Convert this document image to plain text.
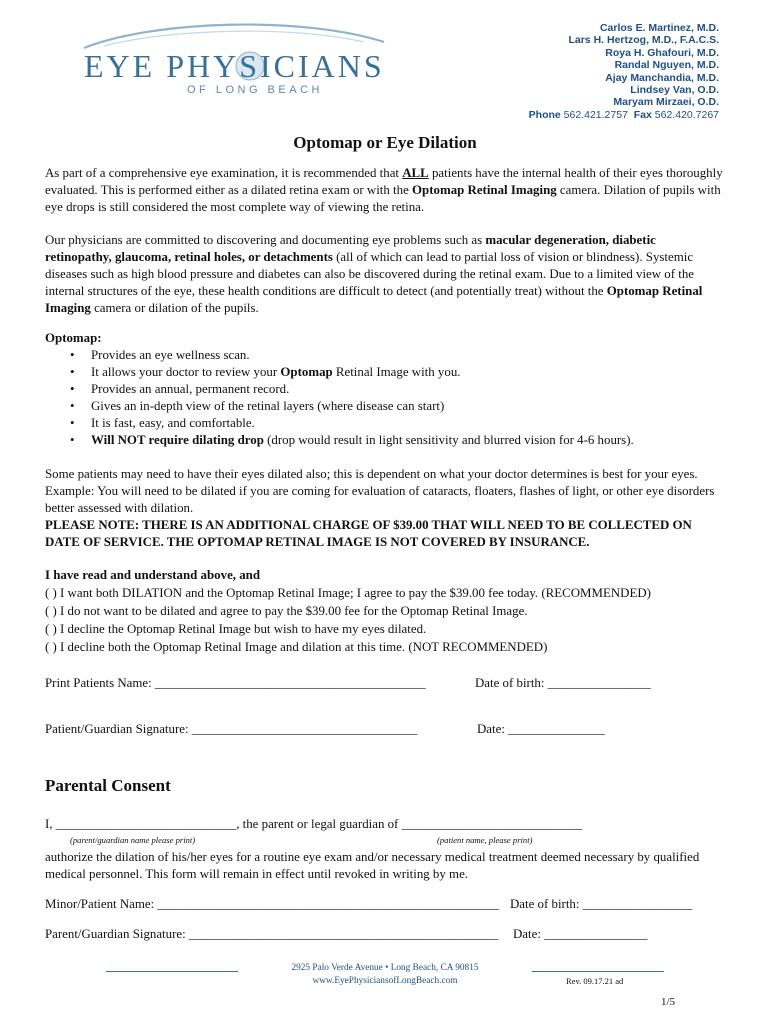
EYE PHYSICIANS
OF LONG BEACH
Carlos E. Martinez, M.D.
Lars H. Hertzog, M.D., F.A.C.S.
Roya H. Ghafouri, M.D.
Randal Nguyen, M.D.
Ajay Manchandia, M.D.
Lindsey Van, O.D.
Maryam Mirzaei, O.D.
Phone 562.421.2757 Fax 562.420.7267
Optomap or Eye Dilation

As part of a comprehensive eye examination, it is recommended that ALL patients have the internal health of their eyes thoroughly evaluated. This is performed either as a dilated retina exam or with the Optomap Retinal Imaging camera. Dilation of pupils with eye drops is still considered the most complete way of viewing the retina.

Our physicians are committed to discovering and documenting eye problems such as macular degeneration, diabetic retinopathy, glaucoma, retinal holes, or detachments (all of which can lead to partial loss of vision or blindness). Systemic diseases such as high blood pressure and diabetes can also be discovered during the retinal exam. Due to a limited view of the internal structures of the eye, these health conditions are difficult to detect (and potentially treat) without the Optomap Retinal Imaging camera or dilation of the pupils.

Optomap:
• Provides an eye wellness scan.
• It allows your doctor to review your Optomap Retinal Image with you.
• Provides an annual, permanent record.
• Gives an in-depth view of the retinal layers (where disease can start)
• It is fast, easy, and comfortable.
• Will NOT require dilating drop (drop would result in light sensitivity and blurred vision for 4-6 hours).

Some patients may need to have their eyes dilated also; this is dependent on what your doctor determines is best for your eyes. Example: You will need to be dilated if you are coming for evaluation of cataracts, floaters, flashes of light, or other eye disorders better assessed with dilation.

PLEASE NOTE: THERE IS AN ADDITIONAL CHARGE OF $39.00 THAT WILL NEED TO BE COLLECTED ON DATE OF SERVICE. THE OPTOMAP RETINAL IMAGE IS NOT COVERED BY INSURANCE.

I have read and understand above, and
( ) I want both DILATION and the Optomap Retinal Image; I agree to pay the $39.00 fee today. (RECOMMENDED)
( ) I do not want to be dilated and agree to pay the $39.00 fee for the Optomap Retinal Image.
( ) I decline the Optomap Retinal Image but wish to have my eyes dilated.
( ) I decline both the Optomap Retinal Image and dilation at this time. (NOT RECOMMENDED)
Print Patients Name: __________________________________________	Date of birth: ________________
Patient/Guardian Signature: ___________________________________	Date: _______________
Parental Consent
I, ____________________________, the parent or legal guardian of ____________________________
(parent/guardian name please print)	(patient name, please print)
authorize the dilation of his/her eyes for a routine eye exam and/or necessary medical treatment deemed necessary by qualified medical personnel. This form will remain in effect until revoked in writing by me.
Minor/Patient Name: _____________________________________________________ Date of birth: _________________
Parent/Guardian Signature: ________________________________________________ Date: ________________
2925 Palo Verde Avenue • Long Beach, CA 90815
www.EyePhysiciansofLongBeach.com	Rev. 09.17.21 ad
1/5
